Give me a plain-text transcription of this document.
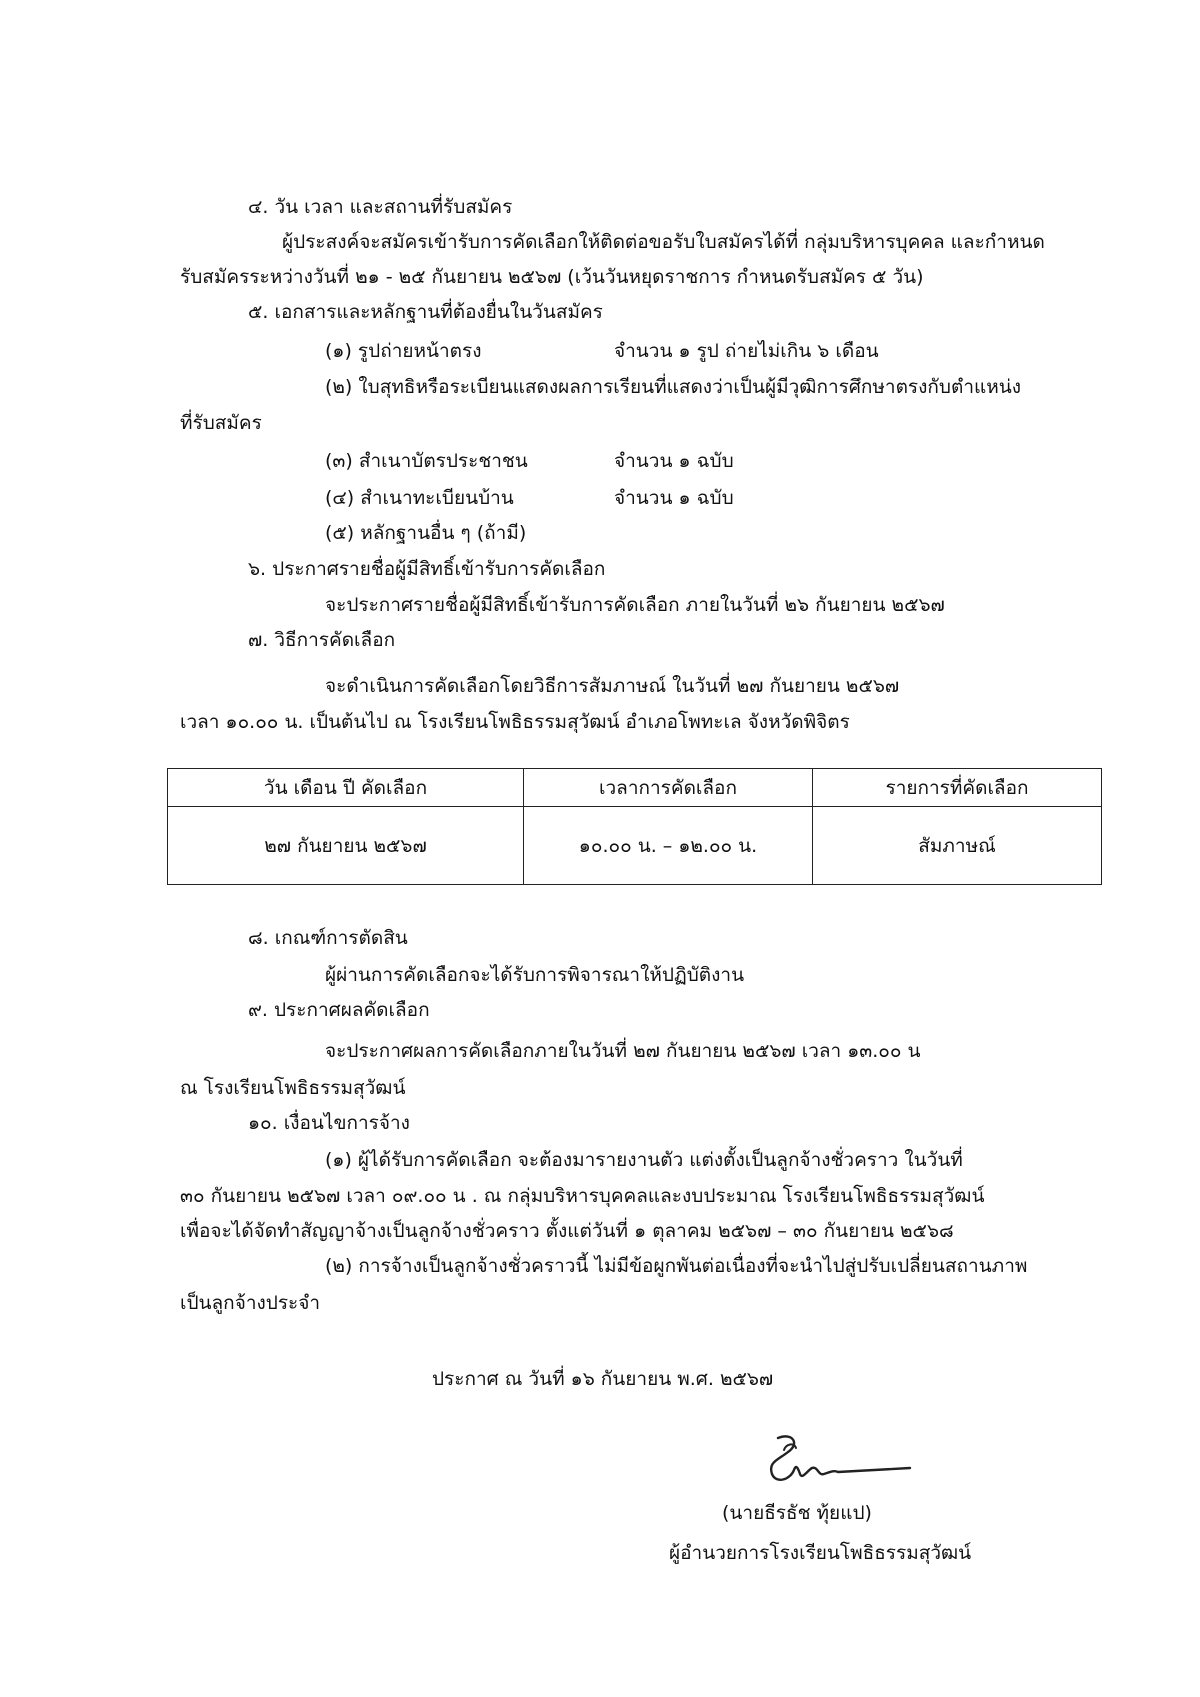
๔. วัน เวลา และสถานที่รับสมัคร
ผู้ประสงค์จะสมัครเข้ารับการคัดเลือกให้ติดต่อขอรับใบสมัครได้ที่ กลุ่มบริหารบุคคล และกำหนด
รับสมัครระหว่างวันที่ ๒๑ - ๒๕ กันยายน ๒๕๖๗ (เว้นวันหยุดราชการ กำหนดรับสมัคร ๕ วัน)
๕. เอกสารและหลักฐานที่ต้องยื่นในวันสมัคร
(๑) รูปถ่ายหน้าตรง	จำนวน ๑ รูป ถ่ายไม่เกิน ๖ เดือน
(๒) ใบสุทธิหรือระเบียนแสดงผลการเรียนที่แสดงว่าเป็นผู้มีวุฒิการศึกษาตรงกับตำแหน่ง
ที่รับสมัคร
(๓) สำเนาบัตรประชาชน	จำนวน ๑ ฉบับ
(๔) สำเนาทะเบียนบ้าน	จำนวน ๑ ฉบับ
(๕) หลักฐานอื่น ๆ (ถ้ามี)
๖. ประกาศรายชื่อผู้มีสิทธิ์เข้ารับการคัดเลือก
จะประกาศรายชื่อผู้มีสิทธิ์เข้ารับการคัดเลือก ภายในวันที่ ๒๖ กันยายน ๒๕๖๗
๗. วิธีการคัดเลือก
จะดำเนินการคัดเลือกโดยวิธีการสัมภาษณ์ ในวันที่ ๒๗ กันยายน ๒๕๖๗
เวลา ๑๐.๐๐ น. เป็นต้นไป ณ โรงเรียนโพธิธรรมสุวัฒน์ อำเภอโพทะเล จังหวัดพิจิตร
วัน เดือน ปี คัดเลือก	เวลาการคัดเลือก	รายการที่คัดเลือก
๒๗ กันยายน ๒๕๖๗	๑๐.๐๐ น. – ๑๒.๐๐ น.	สัมภาษณ์
๘. เกณฑ์การตัดสิน
ผู้ผ่านการคัดเลือกจะได้รับการพิจารณาให้ปฏิบัติงาน
๙. ประกาศผลคัดเลือก
จะประกาศผลการคัดเลือกภายในวันที่ ๒๗ กันยายน ๒๕๖๗ เวลา ๑๓.๐๐ น
ณ โรงเรียนโพธิธรรมสุวัฒน์
๑๐. เงื่อนไขการจ้าง
(๑) ผู้ได้รับการคัดเลือก จะต้องมารายงานตัว แต่งตั้งเป็นลูกจ้างชั่วคราว ในวันที่
๓๐ กันยายน ๒๕๖๗ เวลา ๐๙.๐๐ น . ณ กลุ่มบริหารบุคคลและงบประมาณ โรงเรียนโพธิธรรมสุวัฒน์
เพื่อจะได้จัดทำสัญญาจ้างเป็นลูกจ้างชั่วคราว ตั้งแต่วันที่ ๑ ตุลาคม ๒๕๖๗ – ๓๐ กันยายน ๒๕๖๘
(๒) การจ้างเป็นลูกจ้างชั่วคราวนี้ ไม่มีข้อผูกพันต่อเนื่องที่จะนำไปสู่ปรับเปลี่ยนสถานภาพ
เป็นลูกจ้างประจำ
ประกาศ ณ วันที่ ๑๖ กันยายน พ.ศ. ๒๕๖๗
(นายธีรธัช ทุ้ยแป)
ผู้อำนวยการโรงเรียนโพธิธรรมสุวัฒน์
